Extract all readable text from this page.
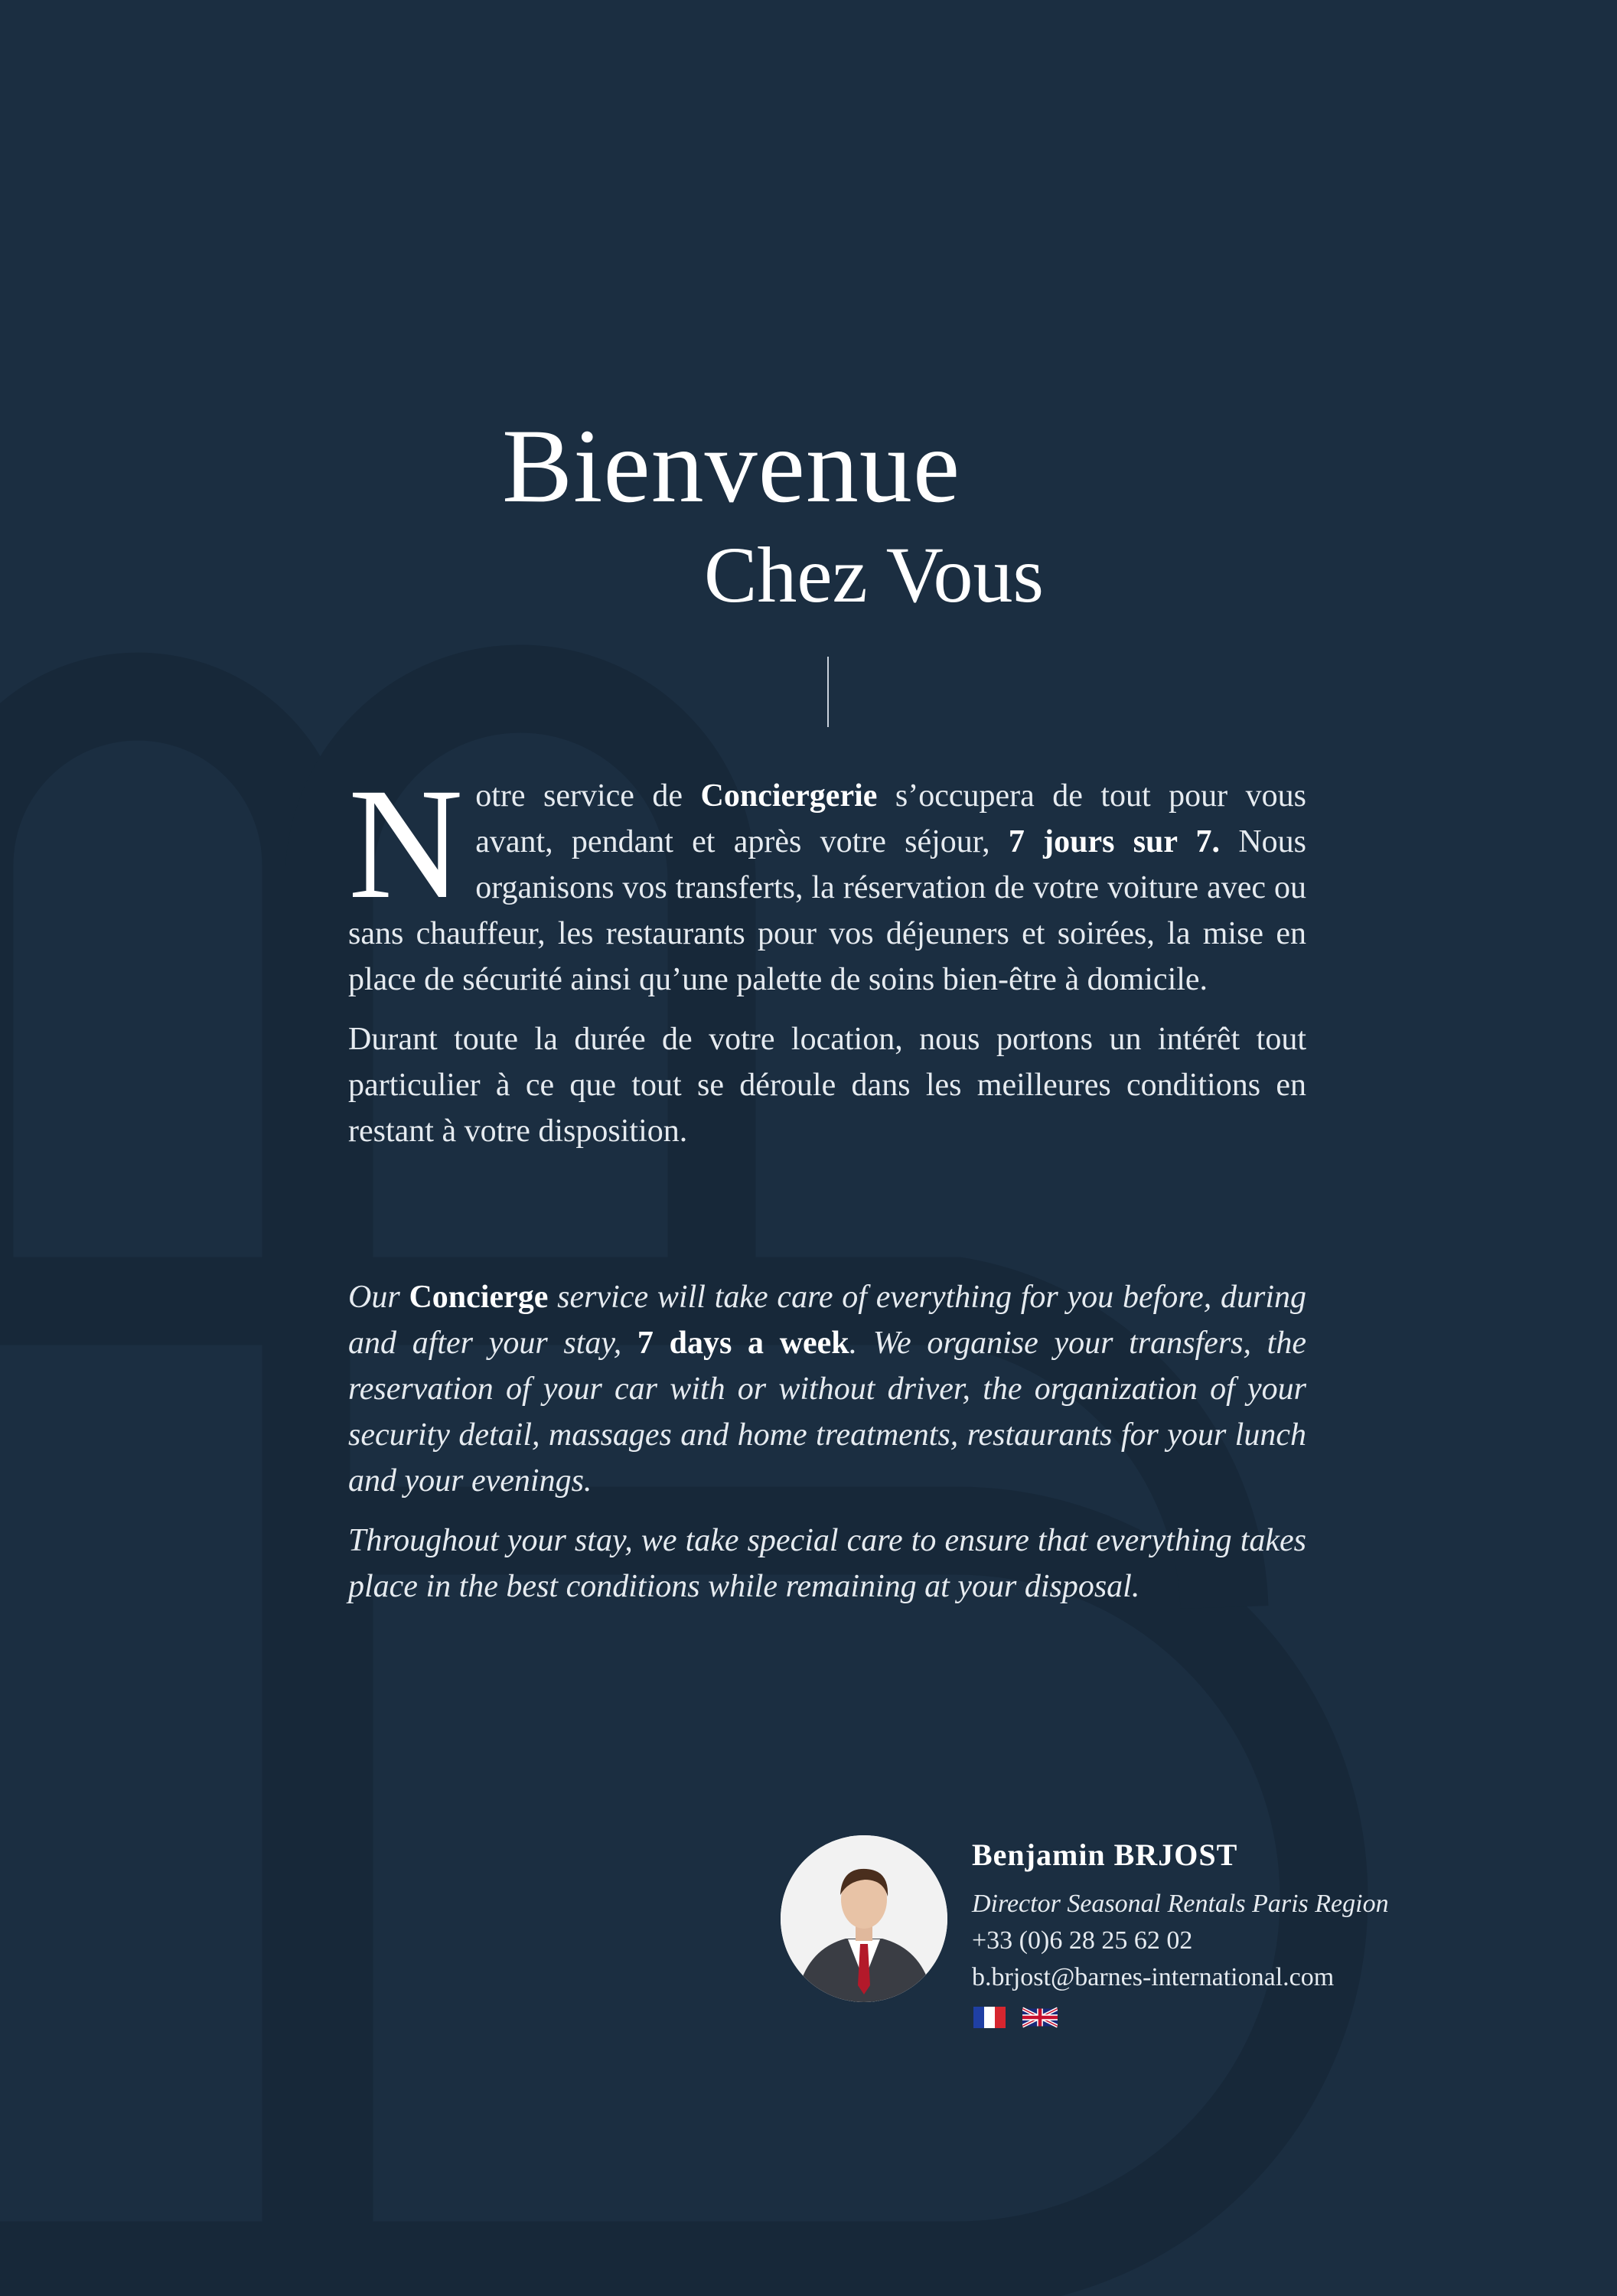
Bienvenue
Chez Vous

Notre service de Conciergerie s’occupera de tout pour vous avant, pendant et après votre séjour, 7 jours sur 7. Nous organisons vos transferts, la réservation de votre voiture avec ou sans chauffeur, les restaurants pour vos déjeuners et soirées, la mise en place de sécurité ainsi qu’une palette de soins bien-être à domicile.

Durant toute la durée de votre location, nous portons un intérêt tout particulier à ce que tout se déroule dans les meilleures conditions en restant à votre disposition.

Our Concierge service will take care of everything for you before, during and after your stay, 7 days a week. We organise your transfers, the reservation of your car with or without driver, the organization of your security detail, massages and home treatments, restaurants for your lunch and your evenings.

Throughout your stay, we take special care to ensure that everything takes place in the best conditions while remaining at your disposal.

Benjamin BRJOST
Director Seasonal Rentals Paris Region
+33 (0)6 28 25 62 02
b.brjost@barnes-international.com
